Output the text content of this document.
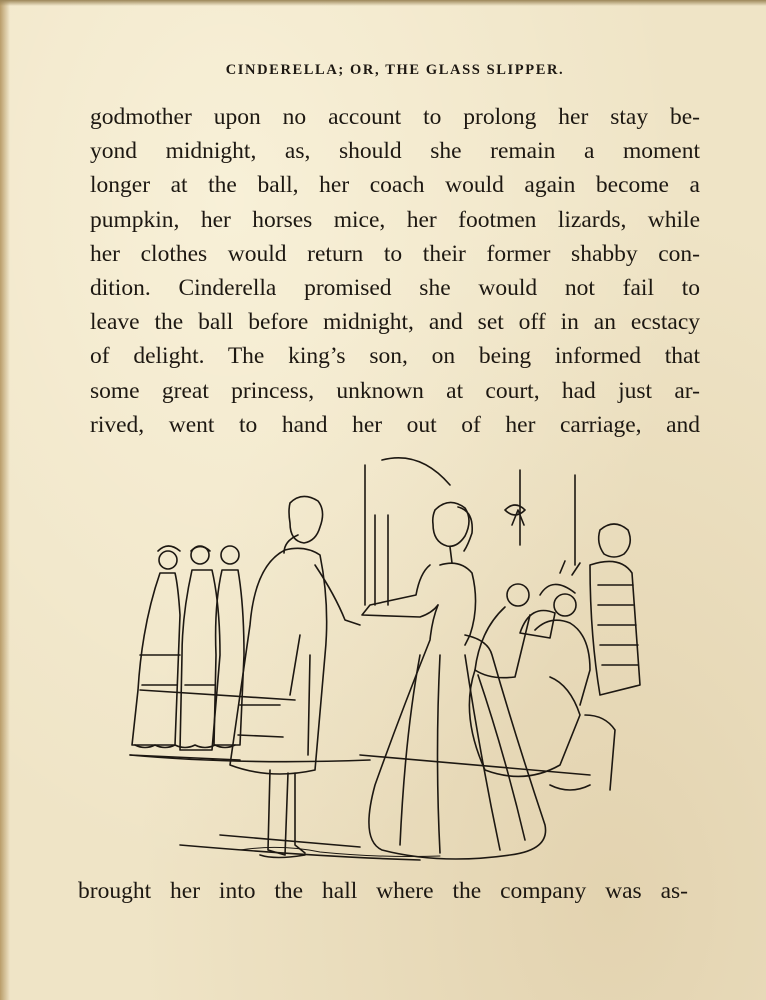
CINDERELLA; OR, THE GLASS SLIPPER.
godmother upon no account to prolong her stay be-
yond midnight, as, should she remain a moment
longer at the ball, her coach would again become a
pumpkin, her horses mice, her footmen lizards, while
her clothes would return to their former shabby con-
dition. Cinderella promised she would not fail to
leave the ball before midnight, and set off in an ecstacy
of delight. The king’s son, on being informed that
some great princess, unknown at court, had just ar-
rived, went to hand her out of her carriage, and
brought her into the hall where the company was as-
